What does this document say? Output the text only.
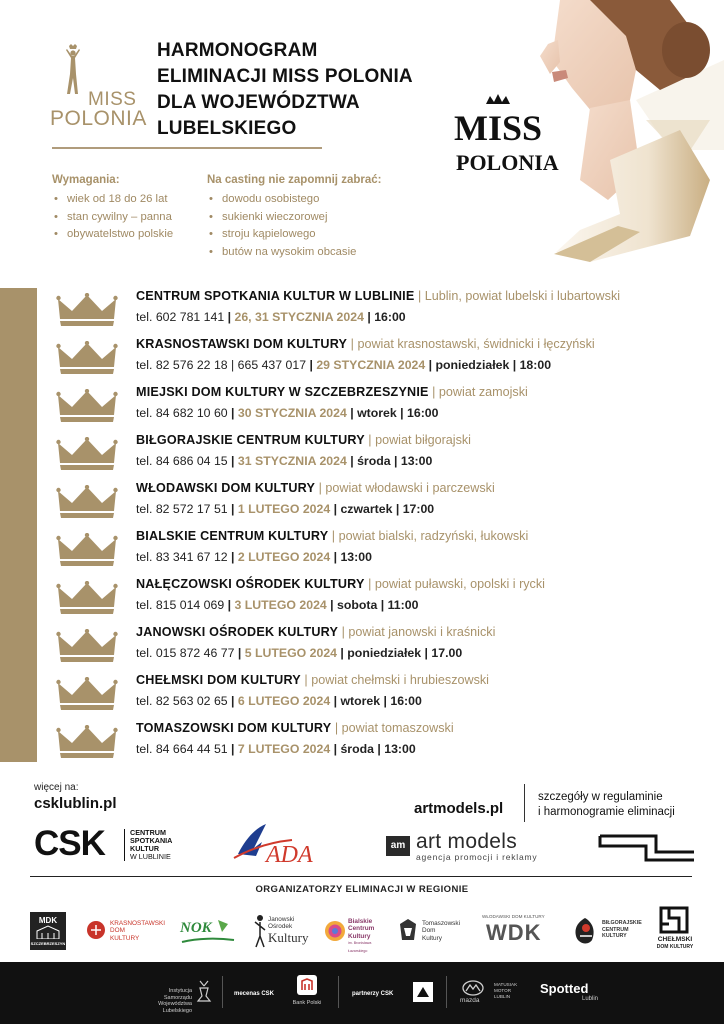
MISS
POLONIA
HARMONOGRAM
ELIMINACJI MISS POLONIA
DLA WOJEWÓDZTWA
LUBELSKIEGO	MISS
POLONIA
Wymagania:
• wiek od 18 do 26 lat
• stan cywilny – panna
• obywatelstwo polskie
Na casting nie zapomnij zabrać:
• dowodu osobistego
• sukienki wieczorowej
• stroju kąpielowego
• butów na wysokim obcasie
CENTRUM SPOTKANIA KULTUR W LUBLINIE | Lublin, powiat lubelski i lubartowski
tel. 602 781 141 | 26, 31 STYCZNIA 2024 | 16:00
KRASNOSTAWSKI DOM KULTURY | powiat krasnostawski, świdnicki i łęczyński
tel. 82 576 22 18 | 665 437 017 | 29 STYCZNIA 2024 | poniedziałek | 18:00
MIEJSKI DOM KULTURY W SZCZEBRZESZYNIE | powiat zamojski
tel. 84 682 10 60 | 30 STYCZNIA 2024 | wtorek | 16:00
BIŁGORAJSKIE CENTRUM KULTURY | powiat biłgorajski
tel. 84 686 04 15 | 31 STYCZNIA 2024 | środa | 13:00
WŁODAWSKI DOM KULTURY | powiat włodawski i parczewski
tel. 82 572 17 51 | 1 LUTEGO 2024 | czwartek | 17:00
BIALSKIE CENTRUM KULTURY | powiat bialski, radzyński, łukowski
tel. 83 341 67 12 | 2 LUTEGO 2024 | 13:00
NAŁĘCZOWSKI OŚRODEK KULTURY | powiat puławski, opolski i rycki
tel. 815 014 069 | 3 LUTEGO 2024 | sobota | 11:00
JANOWSKI OŚRODEK KULTURY | powiat janowski i kraśnicki
tel. 015 872 46 77 | 5 LUTEGO 2024 | poniedziałek | 17.00
CHEŁMSKI DOM KULTURY | powiat chełmski i hrubieszowski
tel. 82 563 02 65 | 6 LUTEGO 2024 | wtorek | 16:00
TOMASZOWSKI DOM KULTURY | powiat tomaszowski
tel. 84 664 44 51 | 7 LUTEGO 2024 | środa | 13:00
więcej na:
csklublin.pl	artmodels.pl
szczegóły w regulaminie
i harmonogramie eliminacji
CSK	CENTRUM
SPOTKANIA
KULTUR
W LUBLINIE	ADA	am art models
agencja promocji i reklamy
ORGANIZATORZY ELIMINACJI W REGIONIE
MDK
SZCZEBRZESZYN
KRASNOSTAWSKI
DOM
KULTURY
NOK
Janowski
Ośrodek
Kultury
Bialskie
Centrum
Kultury
im. Bronisława Łazarskiego
Tomaszowski
Dom
Kultury
WŁODAWSKI DOM KULTURY
WDK	BIŁGORAJSKIE
CENTRUM
KULTURY	CHEŁMSKI
DOM KULTURY
Instytucja Samorządu
Województwa Lubelskiego
mecenas CSK
Bank Polski
partnerzy CSK
mazda
MATUSIAK
MOTOR
LUBLIN
Spotted
Lublin
